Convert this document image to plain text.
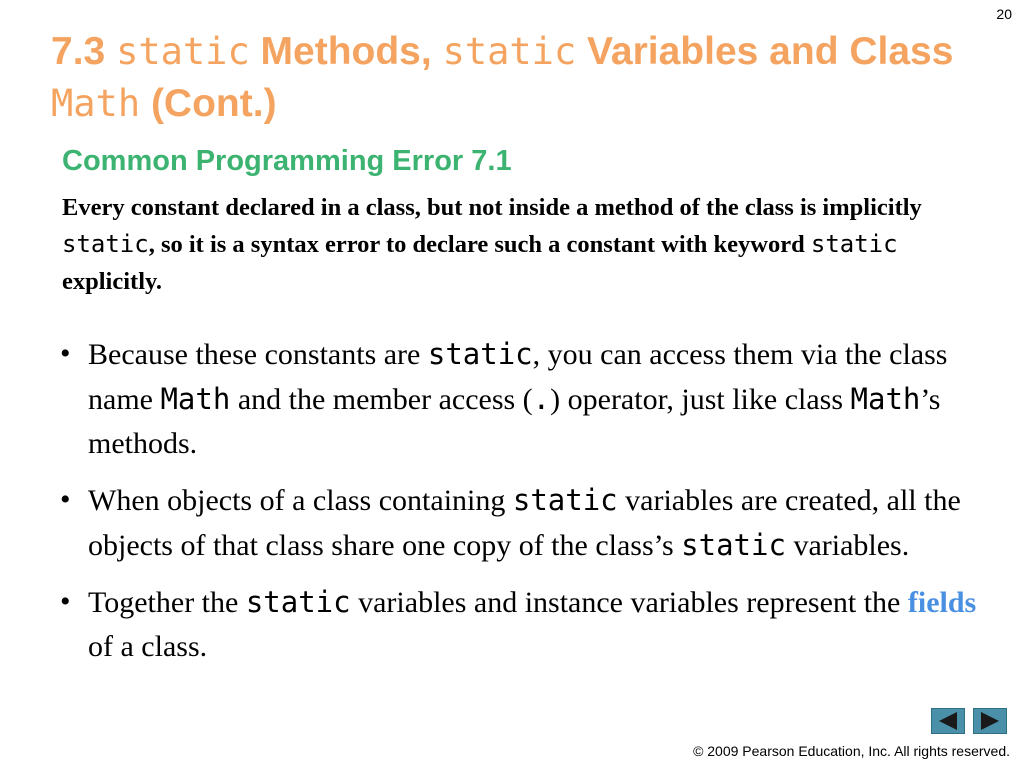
20
7.3 static Methods, static Variables and Class Math (Cont.)
Common Programming Error 7.1

Every constant declared in a class, but not inside a method of the class is implicitly static, so it is a syntax error to declare such a constant with keyword static explicitly.

• Because these constants are static, you can access them via the class name Math and the member access (.) operator, just like class Math’s methods.
• When objects of a class containing static variables are created, all the objects of that class share one copy of the class’s static variables.
• Together the static variables and instance variables represent the fields of a class.
© 2009 Pearson Education, Inc. All rights reserved.
